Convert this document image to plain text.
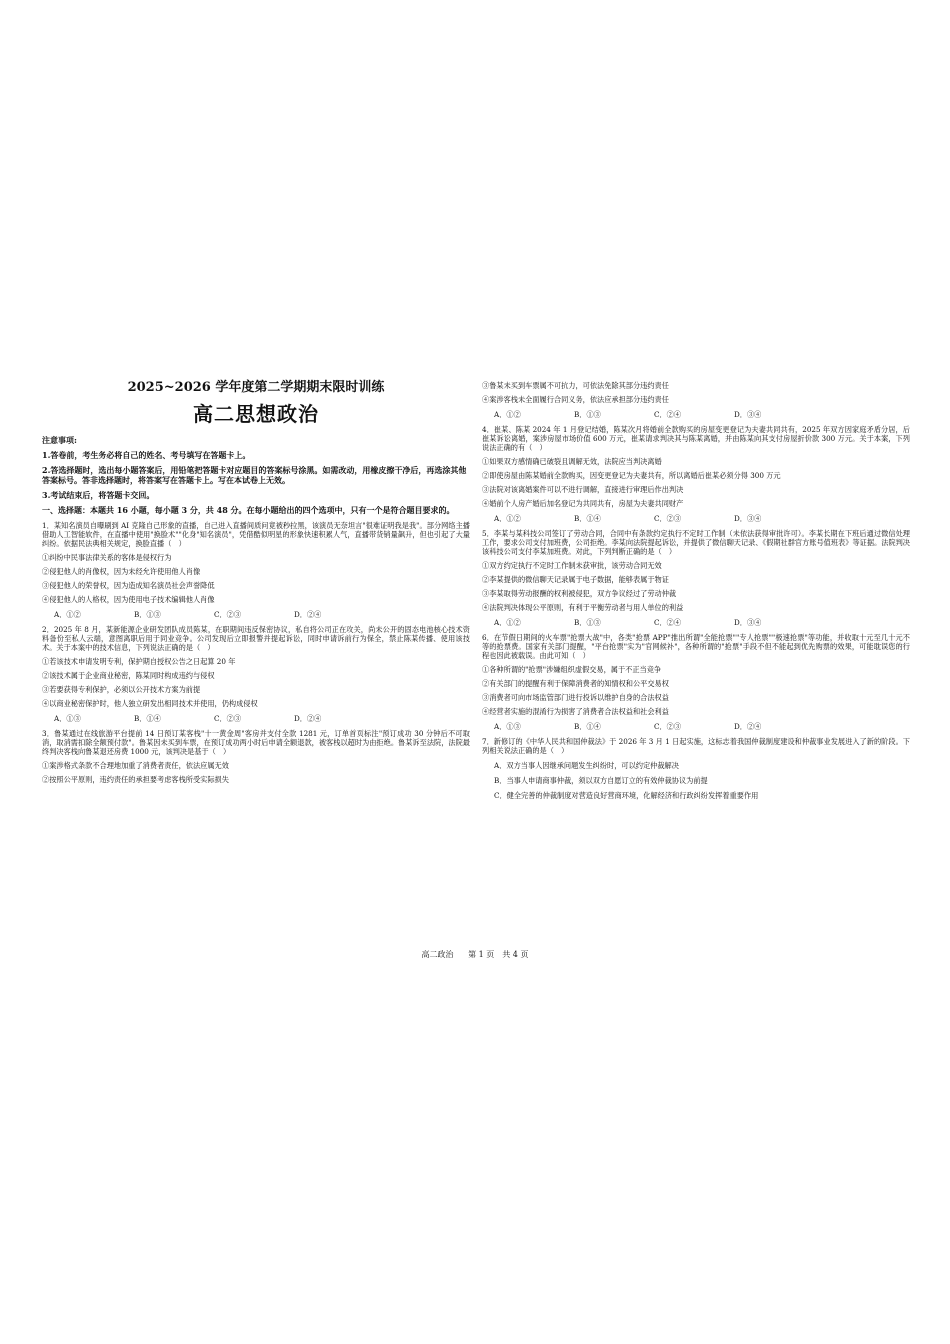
2025~2026 学年度第二学期期末限时训练
高二思想政治
注意事项:
1.答卷前，考生务必将自己的姓名、考号填写在答题卡上。
2.答选择题时，选出每小题答案后，用铅笔把答题卡对应题目的答案标号涂黑。如需改动，用橡皮擦干净后，再选涂其他答案标号。答非选择题时，将答案写在答题卡上。写在本试卷上无效。
3.考试结束后，将答题卡交回。
一、选择题：本题共 16 小题，每小题 3 分，共 48 分。在每小题给出的四个选项中，只有一个是符合题目要求的。
1．某知名演员自曝刷到 AI 克隆自己形象的直播，自己进入直播间质问竟被秒拉黑，该演员无奈坦言"很难证明我是我"。部分网络主播借助人工智能软件，在直播中使用"换脸术""化身"知名演员"，凭借酷似明星的形象快速积累人气，直播带货销量飙升，但也引起了大量纠纷。依据民法典相关规定，换脸直播（　）
①纠纷中民事法律关系的客体是侵权行为
②侵犯他人的肖像权，因为未经允许使用他人肖像
③侵犯他人的荣誉权，因为造成知名演员社会声誉降低
④侵犯他人的人格权，因为使用电子技术编辑他人肖像
A．①②	B．①③	C．②③	D．②④
2．2025 年 8 月，某新能源企业研发团队成员陈某，在职期间违反保密协议，私自将公司正在攻关，尚未公开的固态电池核心技术资料备份至私人云端，意图离职后用于同业竞争。公司发现后立即报警并提起诉讼，同时申请诉前行为保全，禁止陈某传播、使用该技术。关于本案中的技术信息，下列说法正确的是（　）
①若该技术申请发明专利，保护期自授权公告之日起算 20 年
②该技术属于企业商业秘密，陈某同时构成违约与侵权
③若要获得专利保护，必须以公开技术方案为前提
④以商业秘密保护时，他人独立研发出相同技术并使用，仍构成侵权
A．①③	B．①④	C．②③	D．②④
3．鲁某通过在线旅游平台提前 14 日预订某客栈"十一黄金周"客房并支付全款 1281 元，订单首页标注"预订成功 30 分钟后不可取消，取消需扣除全额预付款"。鲁某因未买到车票，在预订成功两小时后申请全额退款，被客栈以超时为由拒绝。鲁某诉至法院，法院最终判决客栈向鲁某退还房费 1000 元，该判决是基于（　）
①案涉格式条款不合理地加重了消费者责任，依法应属无效
②按照公平原则，违约责任的承担要考虑客栈所受实际损失
③鲁某未买到车票属不可抗力，可依法免除其部分违约责任
④案涉客栈未全面履行合同义务，依法应承担部分违约责任
A．①②	B．①③	C．②④	D．③④
4．崔某、陈某 2024 年 1 月登记结婚，陈某次月将婚前全款购买的房屋变更登记为夫妻共同共有，2025 年双方因家庭矛盾分居，后崔某诉讼离婚，案涉房屋市场价值 600 万元，崔某请求判决其与陈某离婚，并由陈某向其支付房屋折价款 300 万元。关于本案，下列说法正确的有（　）
①如果双方感情确已破裂且调解无效，法院应当判决离婚
②即使房屋由陈某婚前全款购买，因变更登记为夫妻共有，所以离婚后崔某必须分得 300 万元
③法院对该离婚案件可以不进行调解，直接进行审理后作出判决
④婚前个人房产婚后加名登记为共同共有，房屋为夫妻共同财产
A．①②	B．①④	C．②③	D．③④
5．李某与某科技公司签订了劳动合同，合同中有条款约定执行不定时工作制（未依法获得审批许可）。李某长期在下班后通过微信处理工作，要求公司支付加班费，公司拒绝。李某向法院提起诉讼，并提供了微信聊天记录、《假期社群官方账号值班表》等证据。法院判决该科技公司支付李某加班费。对此，下列判断正确的是（　）
①双方约定执行不定时工作制未获审批，该劳动合同无效
②李某提供的微信聊天记录属于电子数据，能够表属于物证
③李某取得劳动报酬的权利被侵犯，双方争议经过了劳动仲裁
④法院判决体现公平原则，有利于平衡劳动者与用人单位的利益
A．①②	B．①③	C．②④	D．③④
6．在节假日期间的火车票"抢票大战"中，各类"抢票 APP"推出所谓"全能抢票""专人抢票""极速抢票"等功能，并收取十元至几十元不等的抢票费。国家有关部门提醒，"平台抢票"实为"官网候补"，各种所谓的"抢票"手段不但不能起到优先购票的效果，可能耽误您的行程也因此被载误。由此可知（　）
①各种所谓的"抢票"涉嫌组织虚假交易，属于不正当竞争
②有关部门的提醒有利于保障消费者的知情权和公平交易权
③消费者可向市场监管部门进行投诉以维护自身的合法权益
④经营者实施的混淆行为损害了消费者合法权益和社会利益
A．①③	B．①④	C．②③	D．②④
7．新修订的《中华人民共和国仲裁法》于 2026 年 3 月 1 日起实施，这标志着我国仲裁制度建设和仲裁事业发展进入了新的阶段。下列相关说法正确的是（　）
A．双方当事人因继承问题发生纠纷时，可以约定仲裁解决
B．当事人申请商事仲裁，须以双方自愿订立的有效仲裁协议为前提
C．健全完善的仲裁制度对营造良好营商环境，化解经济和行政纠纷发挥着重要作用
高二政治 第 1 页　共 4 页
